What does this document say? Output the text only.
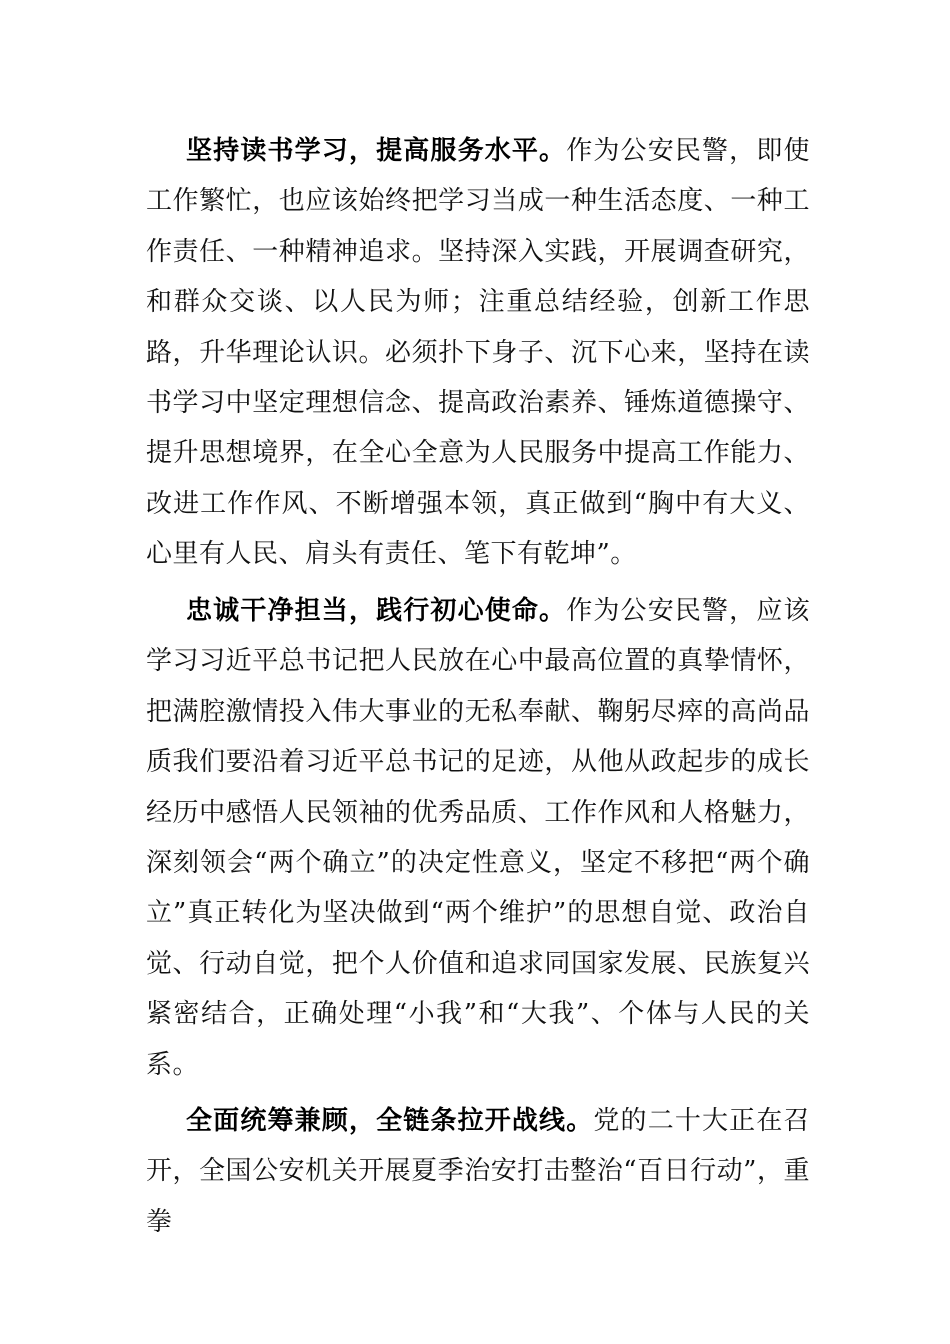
坚持读书学习，提高服务水平。作为公安民警，即使工作繁忙，也应该始终把学习当成一种生活态度、一种工作责任、一种精神追求。坚持深入实践，开展调查研究，和群众交谈、以人民为师；注重总结经验，创新工作思路，升华理论认识。必须扑下身子、沉下心来，坚持在读书学习中坚定理想信念、提高政治素养、锤炼道德操守、提升思想境界，在全心全意为人民服务中提高工作能力、改进工作作风、不断增强本领，真正做到“胸中有大义、心里有人民、肩头有责任、笔下有乾坤”。

忠诚干净担当，践行初心使命。作为公安民警，应该学习习近平总书记把人民放在心中最高位置的真挚情怀，把满腔激情投入伟大事业的无私奉献、鞠躬尽瘁的高尚品质我们要沿着习近平总书记的足迹，从他从政起步的成长经历中感悟人民领袖的优秀品质、工作作风和人格魅力，深刻领会“两个确立”的决定性意义，坚定不移把“两个确立”真正转化为坚决做到“两个维护”的思想自觉、政治自觉、行动自觉，把个人价值和追求同国家发展、民族复兴紧密结合，正确处理“小我”和“大我”、个体与人民的关系。

全面统筹兼顾，全链条拉开战线。党的二十大正在召开，全国公安机关开展夏季治安打击整治“百日行动”，重拳
